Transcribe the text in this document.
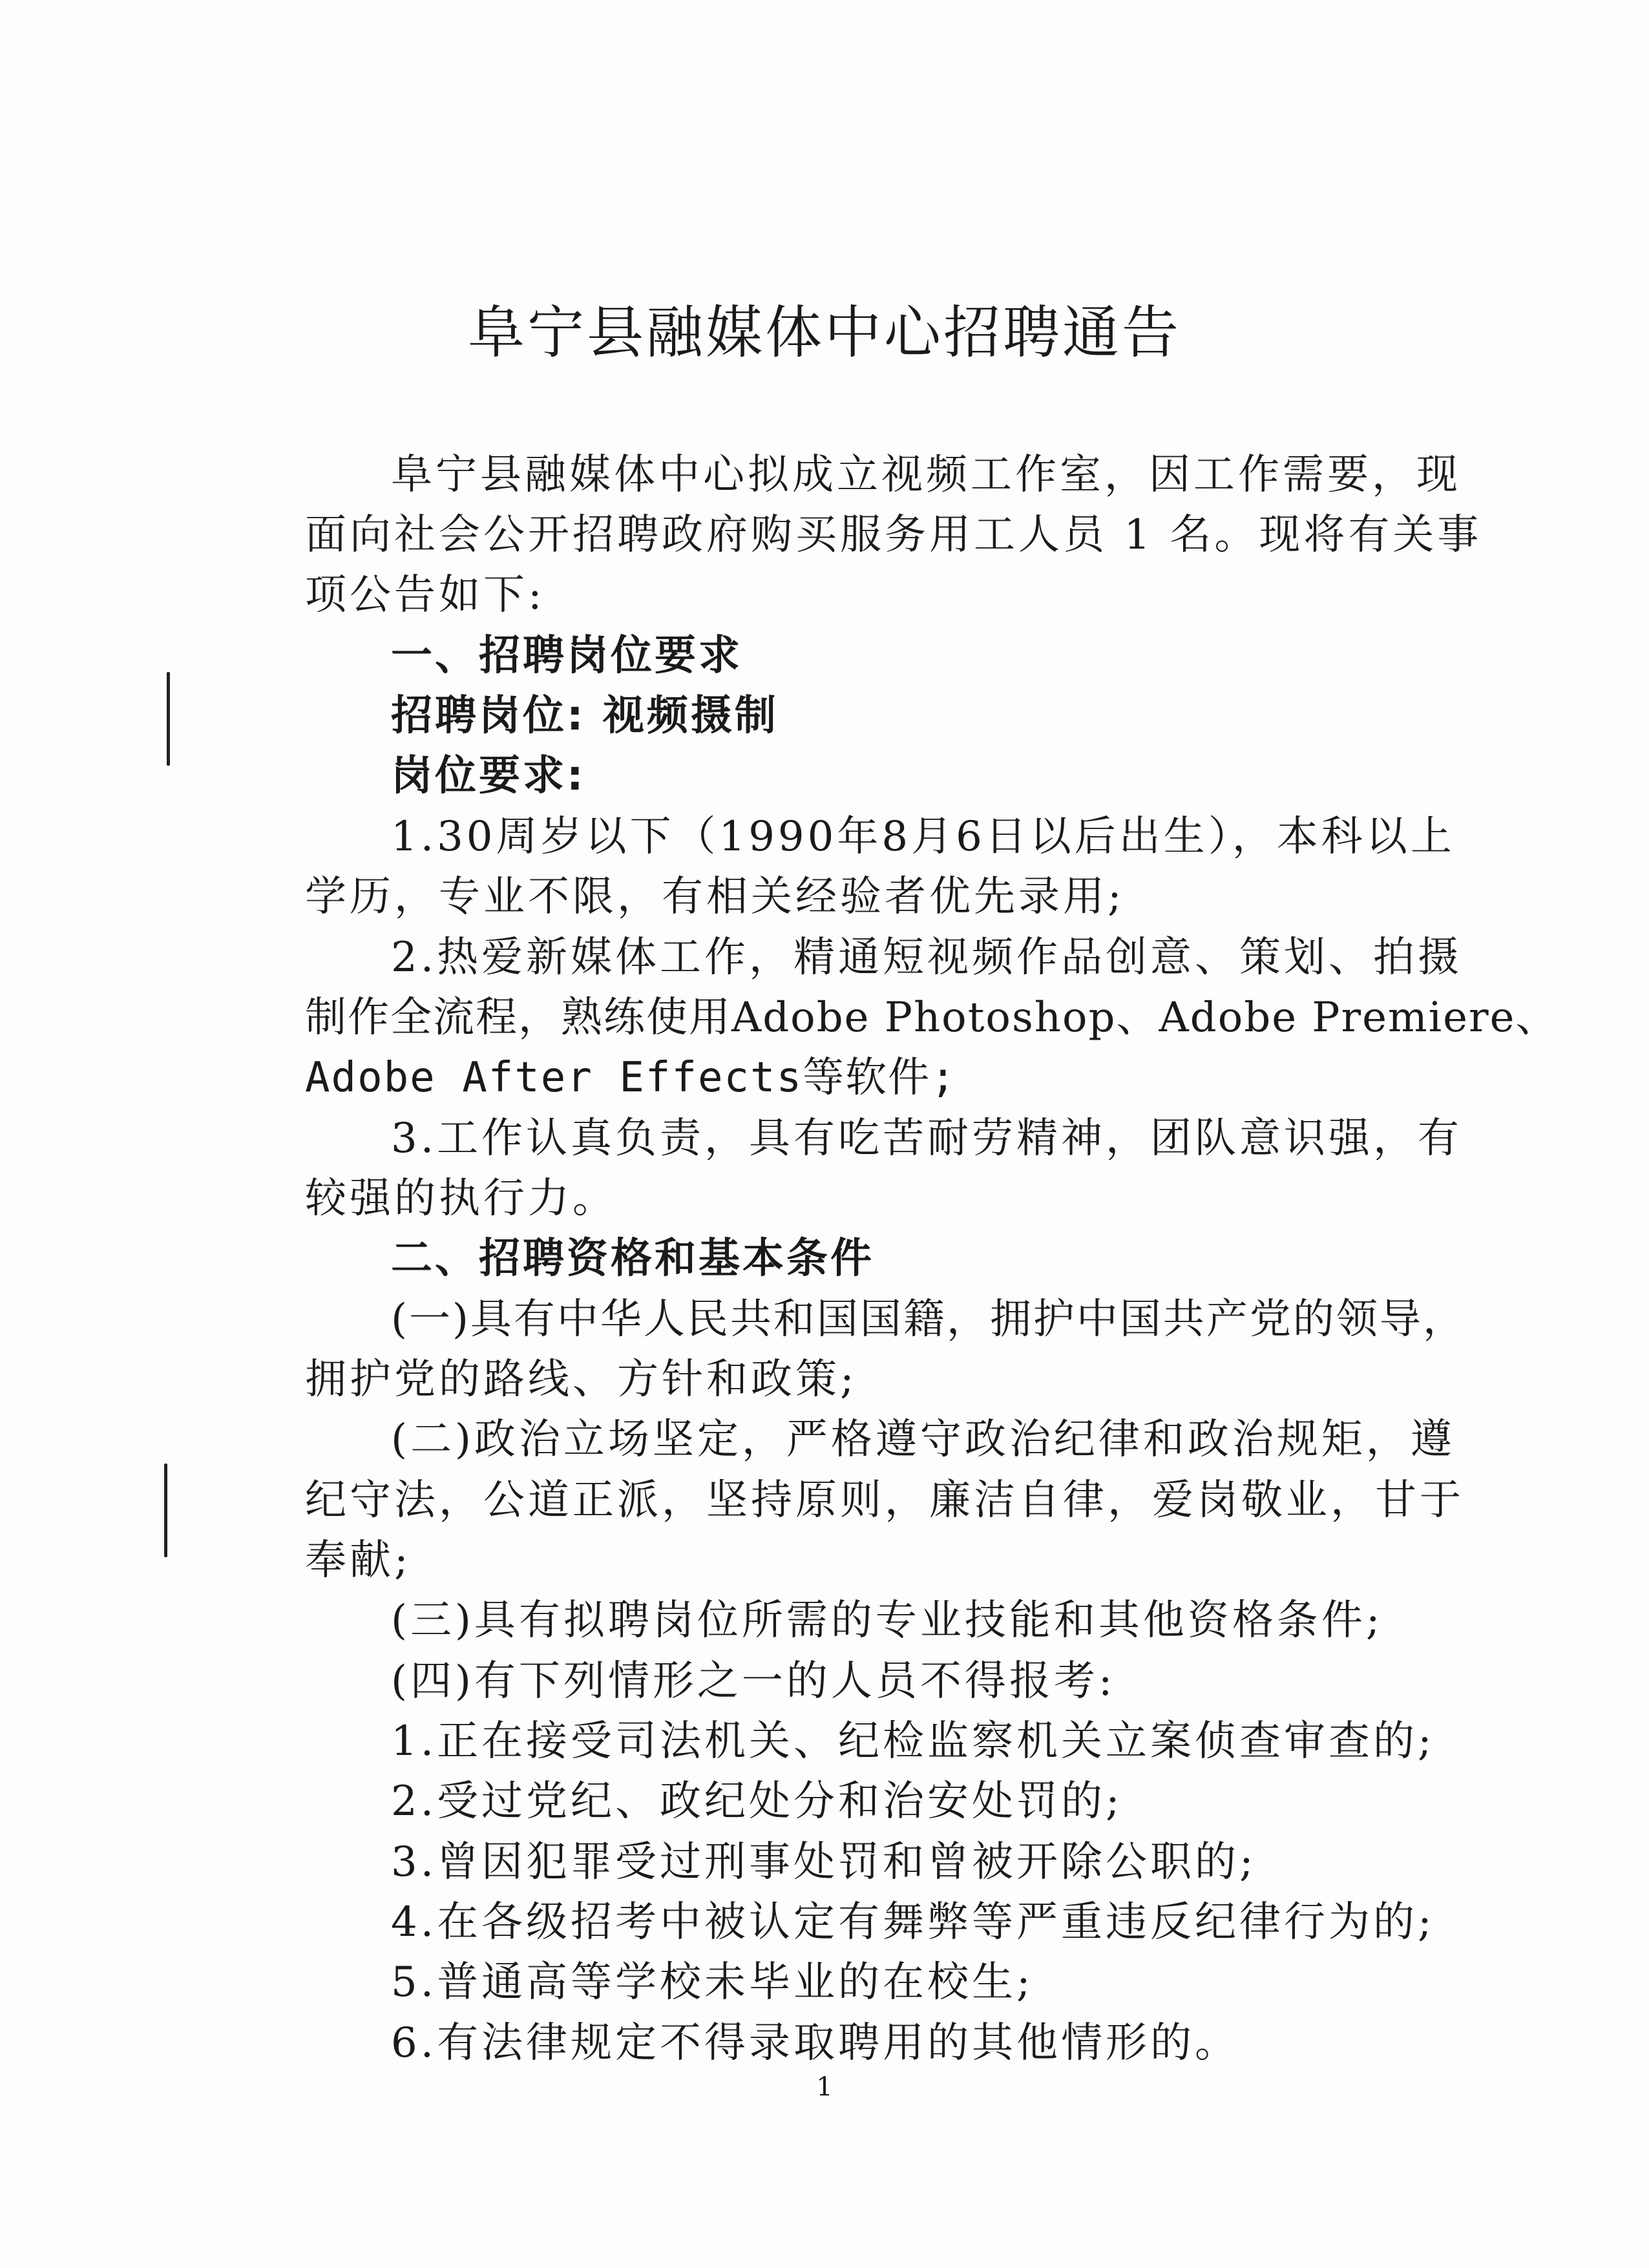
阜宁县融媒体中心招聘通告
阜宁县融媒体中心拟成立视频工作室，因工作需要，现
面向社会公开招聘政府购买服务用工人员 1 名。现将有关事
项公告如下:
一、招聘岗位要求
招聘岗位: 视频摄制
岗位要求:
1.30周岁以下（1990年8月6日以后出生），本科以上
学历，专业不限，有相关经验者优先录用;
2.热爱新媒体工作，精通短视频作品创意、策划、拍摄
制作全流程，熟练使用Adobe Photoshop、Adobe Premiere、
Adobe After Effects等软件;
3.工作认真负责，具有吃苦耐劳精神，团队意识强，有
较强的执行力。
二、招聘资格和基本条件
(一)具有中华人民共和国国籍，拥护中国共产党的领导，
拥护党的路线、方针和政策;
(二)政治立场坚定，严格遵守政治纪律和政治规矩，遵
纪守法，公道正派，坚持原则，廉洁自律，爱岗敬业，甘于
奉献;
(三)具有拟聘岗位所需的专业技能和其他资格条件;
(四)有下列情形之一的人员不得报考:
1.正在接受司法机关、纪检监察机关立案侦查审查的;
2.受过党纪、政纪处分和治安处罚的;
3.曾因犯罪受过刑事处罚和曾被开除公职的;
4.在各级招考中被认定有舞弊等严重违反纪律行为的;
5.普通高等学校未毕业的在校生;
6.有法律规定不得录取聘用的其他情形的。
1
